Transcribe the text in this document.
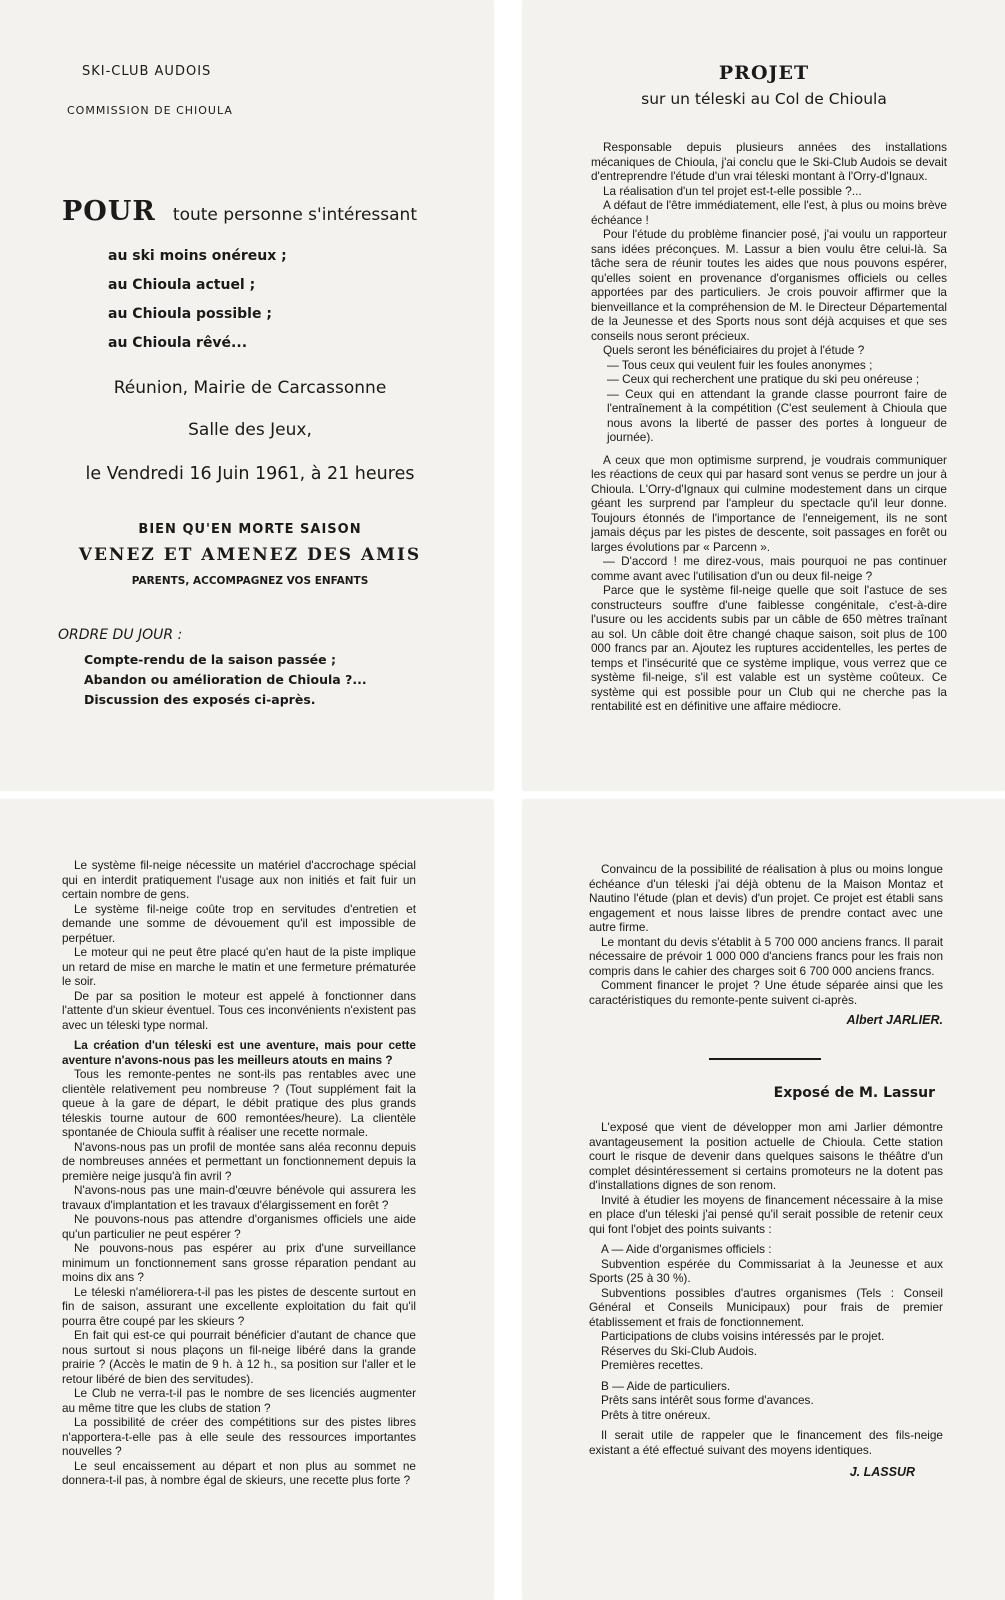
SKI-CLUB AUDOIS
COMMISSION DE CHIOULA
POUR toute personne s'intéressant
au ski moins onéreux ;
au Chioula actuel ;
au Chioula possible ;
au Chioula rêvé...
Réunion, Mairie de Carcassonne
Salle des Jeux,
le Vendredi 16 Juin 1961, à 21 heures
BIEN QU'EN MORTE SAISON
VENEZ ET AMENEZ DES AMIS
PARENTS, ACCOMPAGNEZ VOS ENFANTS
ORDRE DU JOUR :
Compte-rendu de la saison passée ;
Abandon ou amélioration de Chioula ?...
Discussion des exposés ci-après.
PROJET
sur un téleski au Col de Chioula

Responsable depuis plusieurs années des installations mécaniques de Chioula, j'ai conclu que le Ski-Club Audois se devait d'entreprendre l'étude d'un vrai téleski montant à l'Orry-d'Ignaux.

La réalisation d'un tel projet est-t-elle possible ?...

A défaut de l'être immédiatement, elle l'est, à plus ou moins brève échéance !

Pour l'étude du problème financier posé, j'ai voulu un rapporteur sans idées préconçues. M. Lassur a bien voulu être celui-là. Sa tâche sera de réunir toutes les aides que nous pouvons espérer, qu'elles soient en provenance d'organismes officiels ou celles apportées par des particuliers. Je crois pouvoir affirmer que la bienveillance et la compréhension de M. le Directeur Départemental de la Jeunesse et des Sports nous sont déjà acquises et que ses conseils nous seront précieux.

Quels seront les bénéficiaires du projet à l'étude ?

— Tous ceux qui veulent fuir les foules anonymes ;

— Ceux qui recherchent une pratique du ski peu onéreuse ;

— Ceux qui en attendant la grande classe pourront faire de l'entraînement à la compétition (C'est seulement à Chioula que nous avons la liberté de passer des portes à longueur de journée).

A ceux que mon optimisme surprend, je voudrais communiquer les réactions de ceux qui par hasard sont venus se perdre un jour à Chioula. L'Orry-d'Ignaux qui culmine modestement dans un cirque géant les surprend par l'ampleur du spectacle qu'il leur donne. Toujours étonnés de l'importance de l'enneigement, ils ne sont jamais déçus par les pistes de descente, soit passages en forêt ou larges évolutions par « Parcenn ».

— D'accord ! me direz-vous, mais pourquoi ne pas continuer comme avant avec l'utilisation d'un ou deux fil-neige ?

Parce que le système fil-neige quelle que soit l'astuce de ses constructeurs souffre d'une faiblesse congénitale, c'est-à-dire l'usure ou les accidents subis par un câble de 650 mètres traînant au sol. Un câble doit être changé chaque saison, soit plus de 100 000 francs par an. Ajoutez les ruptures accidentelles, les pertes de temps et l'insécurité que ce système implique, vous verrez que ce système fil-neige, s'il est valable est un système coûteux. Ce système qui est possible pour un Club qui ne cherche pas la rentabilité est en définitive une affaire médiocre.

Le système fil-neige nécessite un matériel d'accrochage spécial qui en interdit pratiquement l'usage aux non initiés et fait fuir un certain nombre de gens.

Le système fil-neige coûte trop en servitudes d'entretien et demande une somme de dévouement qu'il est impossible de perpétuer.

Le moteur qui ne peut être placé qu'en haut de la piste implique un retard de mise en marche le matin et une fermeture prématurée le soir.

De par sa position le moteur est appelé à fonctionner dans l'attente d'un skieur éventuel. Tous ces inconvénients n'existent pas avec un téleski type normal.

La création d'un téleski est une aventure, mais pour cette aventure n'avons-nous pas les meilleurs atouts en mains ?

Tous les remonte-pentes ne sont-ils pas rentables avec une clientèle relativement peu nombreuse ? (Tout supplément fait la queue à la gare de départ, le débit pratique des plus grands téleskis tourne autour de 600 remontées/heure). La clientèle spontanée de Chioula suffit à réaliser une recette normale.

N'avons-nous pas un profil de montée sans aléa reconnu depuis de nombreuses années et permettant un fonctionnement depuis la première neige jusqu'à fin avril ?

N'avons-nous pas une main-d'œuvre bénévole qui assurera les travaux d'implantation et les travaux d'élargissement en forêt ?

Ne pouvons-nous pas attendre d'organismes officiels une aide qu'un particulier ne peut espérer ?

Ne pouvons-nous pas espérer au prix d'une surveillance minimum un fonctionnement sans grosse réparation pendant au moins dix ans ?

Le téleski n'améliorera-t-il pas les pistes de descente surtout en fin de saison, assurant une excellente exploitation du fait qu'il pourra être coupé par les skieurs ?

En fait qui est-ce qui pourrait bénéficier d'autant de chance que nous surtout si nous plaçons un fil-neige libéré dans la grande prairie ? (Accès le matin de 9 h. à 12 h., sa position sur l'aller et le retour libéré de bien des servitudes).

Le Club ne verra-t-il pas le nombre de ses licenciés augmenter au même titre que les clubs de station ?

La possibilité de créer des compétitions sur des pistes libres n'apportera-t-elle pas à elle seule des ressources importantes nouvelles ?

Le seul encaissement au départ et non plus au sommet ne donnera-t-il pas, à nombre égal de skieurs, une recette plus forte ?

Convaincu de la possibilité de réalisation à plus ou moins longue échéance d'un téleski j'ai déjà obtenu de la Maison Montaz et Nautino l'étude (plan et devis) d'un projet. Ce projet est établi sans engagement et nous laisse libres de prendre contact avec une autre firme.

Le montant du devis s'établit à 5 700 000 anciens francs. Il parait nécessaire de prévoir 1 000 000 d'anciens francs pour les frais non compris dans le cahier des charges soit 6 700 000 anciens francs.

Comment financer le projet ? Une étude séparée ainsi que les caractéristiques du remonte-pente suivent ci-après.

Albert JARLIER.
Exposé de M. Lassur

L'exposé que vient de développer mon ami Jarlier démontre avantageusement la position actuelle de Chioula. Cette station court le risque de devenir dans quelques saisons le théâtre d'un complet désintéressement si certains promoteurs ne la dotent pas d'installations dignes de son renom.

Invité à étudier les moyens de financement nécessaire à la mise en place d'un téleski j'ai pensé qu'il serait possible de retenir ceux qui font l'objet des points suivants :

A — Aide d'organismes officiels :

Subvention espérée du Commissariat à la Jeunesse et aux Sports (25 à 30 %).

Subventions possibles d'autres organismes (Tels : Conseil Général et Conseils Municipaux) pour frais de premier établissement et frais de fonctionnement.

Participations de clubs voisins intéressés par le projet.

Réserves du Ski-Club Audois.

Premières recettes.

B — Aide de particuliers.

Prêts sans intérêt sous forme d'avances.

Prêts à titre onéreux.

Il serait utile de rappeler que le financement des fils-neige existant a été effectué suivant des moyens identiques.

J. LASSUR
